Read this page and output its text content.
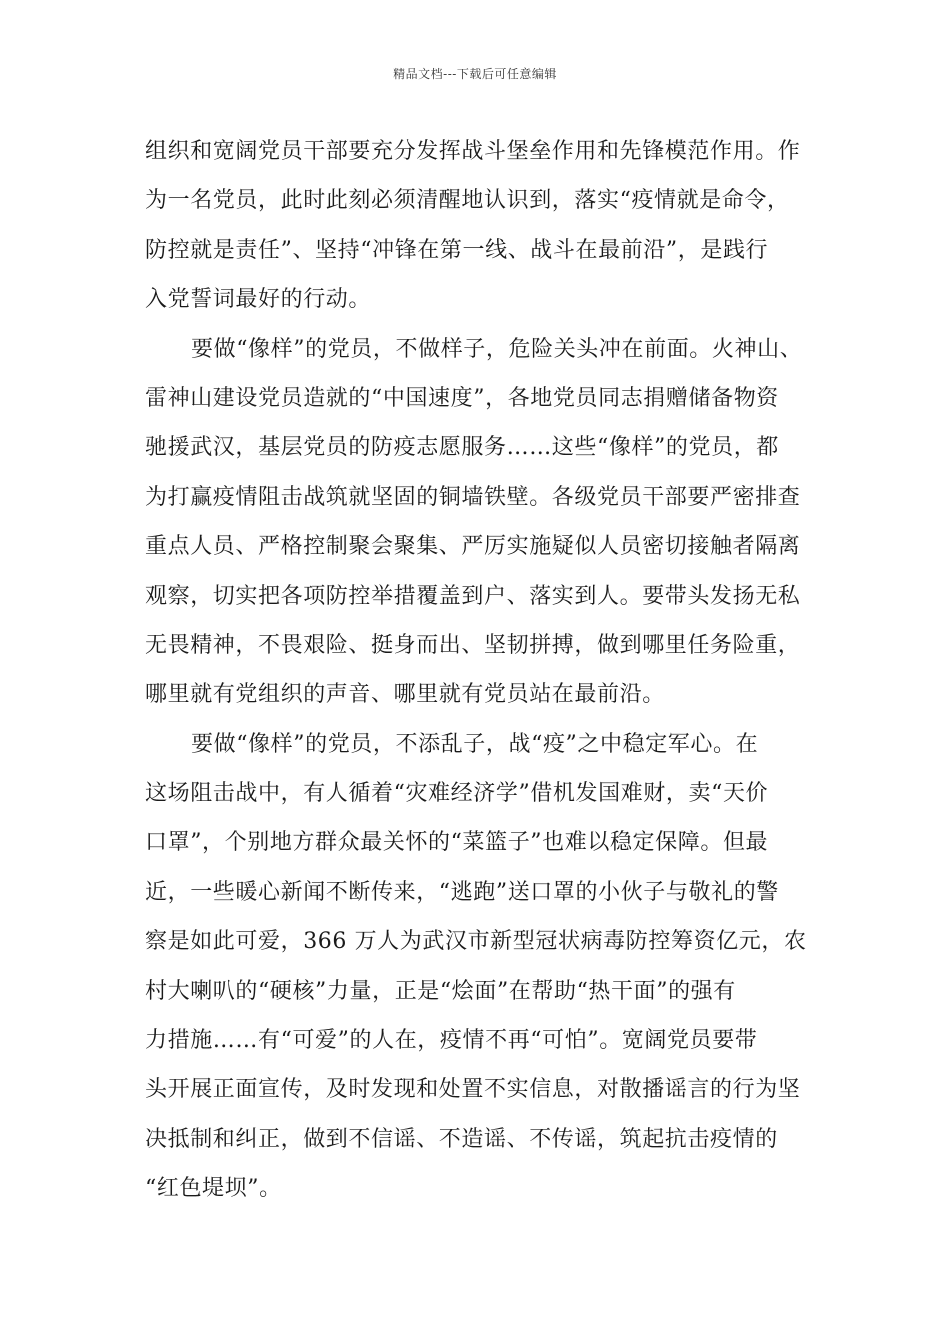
精品文档---下载后可任意编辑
组织和宽阔党员干部要充分发挥战斗堡垒作用和先锋模范作用。作
为一名党员，此时此刻必须清醒地认识到，落实“疫情就是命令，
防控就是责任”、坚持“冲锋在第一线、战斗在最前沿”，是践行
入党誓词最好的行动。
要做“像样”的党员，不做样子，危险关头冲在前面。火神山、
雷神山建设党员造就的“中国速度”，各地党员同志捐赠储备物资
驰援武汉，基层党员的防疫志愿服务……这些“像样”的党员，都
为打赢疫情阻击战筑就坚固的铜墙铁壁。各级党员干部要严密排查
重点人员、严格控制聚会聚集、严厉实施疑似人员密切接触者隔离
观察，切实把各项防控举措覆盖到户、落实到人。要带头发扬无私
无畏精神，不畏艰险、挺身而出、坚韧拼搏，做到哪里任务险重，
哪里就有党组织的声音、哪里就有党员站在最前沿。
要做“像样”的党员，不添乱子，战“疫”之中稳定军心。在
这场阻击战中，有人循着“灾难经济学”借机发国难财，卖“天价
口罩”，个别地方群众最关怀的“菜篮子”也难以稳定保障。但最
近，一些暖心新闻不断传来，“逃跑”送口罩的小伙子与敬礼的警
察是如此可爱，366 万人为武汉市新型冠状病毒防控筹资亿元，农
村大喇叭的“硬核”力量，正是“烩面”在帮助“热干面”的强有
力措施……有“可爱”的人在，疫情不再“可怕”。宽阔党员要带
头开展正面宣传，及时发现和处置不实信息，对散播谣言的行为坚
决抵制和纠正，做到不信谣、不造谣、不传谣，筑起抗击疫情的
“红色堤坝”。
